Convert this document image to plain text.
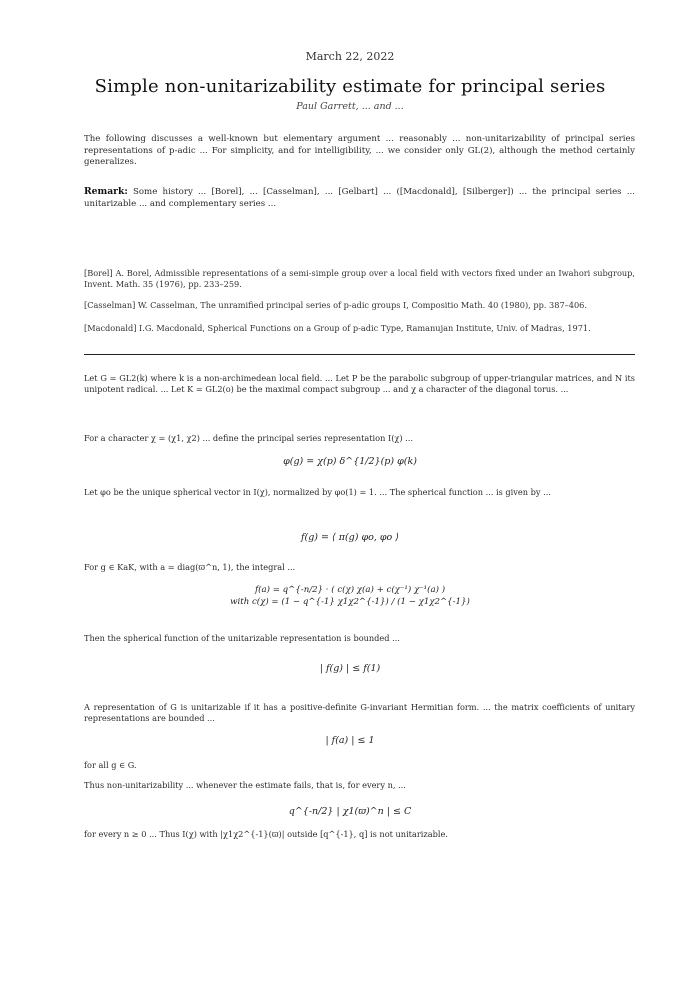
March 22, 2022
Simple non-unitarizability estimate for principal series
Paul Garrett, ... and ...
The following discusses a well-known but elementary argument ... reasonably ... non-unitarizability of principal series representations of p-adic ... For simplicity, and for intelligibility, ... we consider only GL(2), although the method certainly generalizes.
Remark: Some history ... [Borel], ... [Casselman], ... [Gelbart] ... ([Macdonald], [Silberger]) ... the principal series ... unitarizable ... and complementary series ...
[Borel] A. Borel, Admissible representations of a semi-simple group over a local field with vectors fixed under an Iwahori subgroup, Invent. Math. 35 (1976), pp. 233–259.
[Casselman] W. Casselman, The unramified principal series of p-adic groups I, Compositio Math. 40 (1980), pp. 387–406.
[Macdonald] I.G. Macdonald, Spherical Functions on a Group of p-adic Type, Ramanujan Institute, Univ. of Madras, 1971.
Let G = GL2(k) where k is a non-archimedean local field. ... Let P be the parabolic subgroup of upper-triangular matrices, and N its unipotent radical. ... Let K = GL2(o) be the maximal compact subgroup ... and χ a character of the diagonal torus. ...
For a character χ = (χ1, χ2) ... define the principal series representation I(χ) ...
φ(g) = χ(p) δ^{1/2}(p) φ(k)
Let φo be the unique spherical vector in I(χ), normalized by φo(1) = 1. ... The spherical function ... is given by ...
f(g) = ⟨ π(g) φo, φo ⟩
For g ∈ KaK, with a = diag(ϖ^n, 1), the integral ...
f(a) = q^{-n/2} · ( c(χ) χ(a) + c(χ⁻¹) χ⁻¹(a) )
with c(χ) = (1 − q^{-1} χ1χ2^{-1}) / (1 − χ1χ2^{-1})
Then the spherical function of the unitarizable representation is bounded ...
| f(g) | ≤ f(1)
A representation of G is unitarizable if it has a positive-definite G-invariant Hermitian form. ... the matrix coefficients of unitary representations are bounded ...
| f(a) | ≤ 1
for all g ∈ G.
Thus non-unitarizability ... whenever the estimate fails, that is, for every n, ...
q^{-n/2} | χ1(ϖ)^n | ≤ C
for every n ≥ 0 ... Thus I(χ) with |χ1χ2^{-1}(ϖ)| outside [q^{-1}, q] is not unitarizable.
